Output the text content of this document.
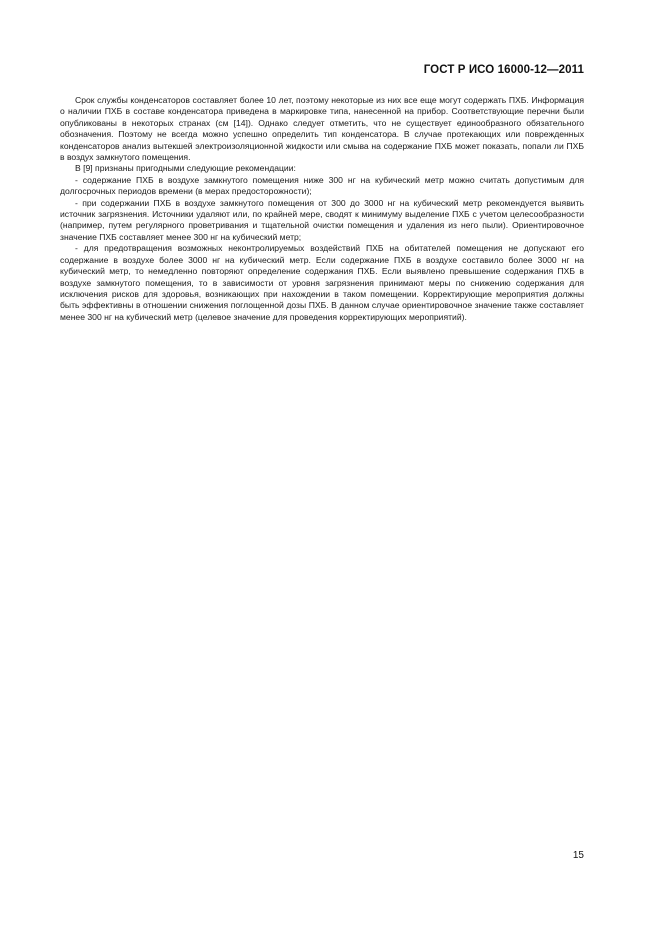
ГОСТ Р ИСО 16000-12—2011

Срок службы конденсаторов составляет более 10 лет, поэтому некоторые из них все еще могут содержать ПХБ. Информация о наличии ПХБ в составе конденсатора приведена в маркировке типа, нанесенной на прибор. Соответствующие перечни были опубликованы в некоторых странах (см [14]). Однако следует отметить, что не существует единообразного обязательного обозначения. Поэтому не всегда можно успешно определить тип конденсатора. В случае протекающих или поврежденных конденсаторов анализ вытекшей электроизоляционной жидкости или смыва на содержание ПХБ может показать, попали ли ПХБ в воздух замкнутого помещения.

В [9] признаны пригодными следующие рекомендации:

- содержание ПХБ в воздухе замкнутого помещения ниже 300 нг на кубический метр можно считать допустимым для долгосрочных периодов времени (в мерах предосторожности);

- при содержании ПХБ в воздухе замкнутого помещения от 300 до 3000 нг на кубический метр рекомендуется выявить источник загрязнения. Источники удаляют или, по крайней мере, сводят к минимуму выделение ПХБ с учетом целесообразности (например, путем регулярного проветривания и тщательной очистки помещения и удаления из него пыли). Ориентировочное значение ПХБ составляет менее 300 нг на кубический метр;

- для предотвращения возможных неконтролируемых воздействий ПХБ на обитателей помещения не допускают его содержание в воздухе более 3000 нг на кубический метр. Если содержание ПХБ в воздухе составило более 3000 нг на кубический метр, то немедленно повторяют определение содержания ПХБ. Если выявлено превышение содержания ПХБ в воздухе замкнутого помещения, то в зависимости от уровня загрязнения принимают меры по снижению содержания для исключения рисков для здоровья, возникающих при нахождении в таком помещении. Корректирующие мероприятия должны быть эффективны в отношении снижения поглощенной дозы ПХБ. В данном случае ориентировочное значение также составляет менее 300 нг на кубический метр (целевое значение для проведения корректирующих мероприятий).

15
